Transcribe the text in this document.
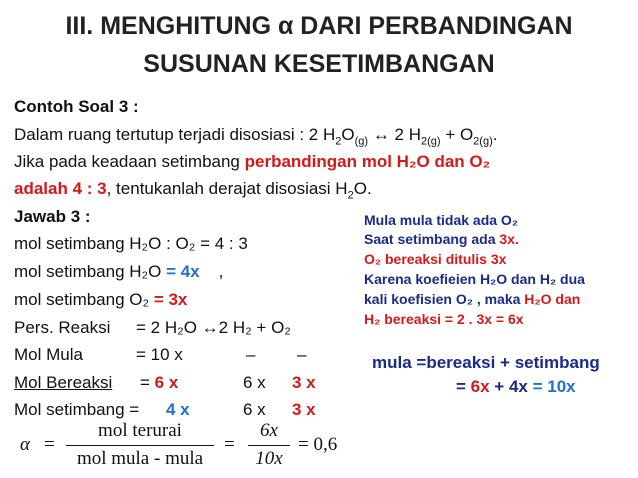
III. MENGHITUNG α DARI PERBANDINGAN
SUSUNAN KESETIMBANGAN
Contoh Soal 3 :
Dalam ruang tertutup terjadi disosiasi : 2 $H_2O_{(g)}$ ↔ 2 $H_{2(g)} + O_{2(g)}$.
Jika pada keadaan setimbang perbandingan mol H₂O dan O₂
adalah 4 : 3, tentukanlah derajat disosiasi $H_2O$.
Jawab 3 :
mol setimbang H₂O : O₂ = 4 : 3
mol setimbang H₂O = 4x ,
mol setimbang O₂ = 3x
Pers. Reaksi = 2 H₂O ↔2 H₂ + O₂
Mol Mula	= 10 x	– –
Mol Bereaksi = 6 x	6 x 3 x
Mol setimbang = 4 x	6 x 3 x
α =
mol terurai
mol mula - mula
=
6x
10x
= 0,6
Mula mula tidak ada O₂
Saat setimbang ada 3x.
O₂ bereaksi ditulis 3x
Karena koefieien H₂O dan H₂ dua
kali koefisien O₂ , maka H₂O dan
H₂ bereaksi = 2 . 3x = 6x
mula =bereaksi + setimbang
= 6x + 4x = 10x
